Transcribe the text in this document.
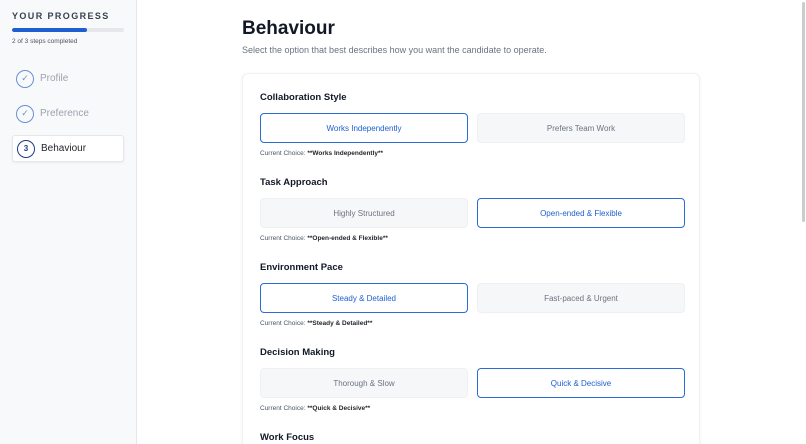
YOUR PROGRESS
2 of 3 steps completed
✓	Profile
✓	Preference
3	Behaviour
Behaviour
Select the option that best describes how you want the candidate to operate.
Collaboration Style
Works Independently	Prefers Team Work
Current Choice: **Works Independently**
Task Approach
Highly Structured	Open-ended & Flexible
Current Choice: **Open-ended & Flexible**
Environment Pace
Steady & Detailed	Fast-paced & Urgent
Current Choice: **Steady & Detailed**
Decision Making
Thorough & Slow	Quick & Decisive
Current Choice: **Quick & Decisive**
Work Focus
